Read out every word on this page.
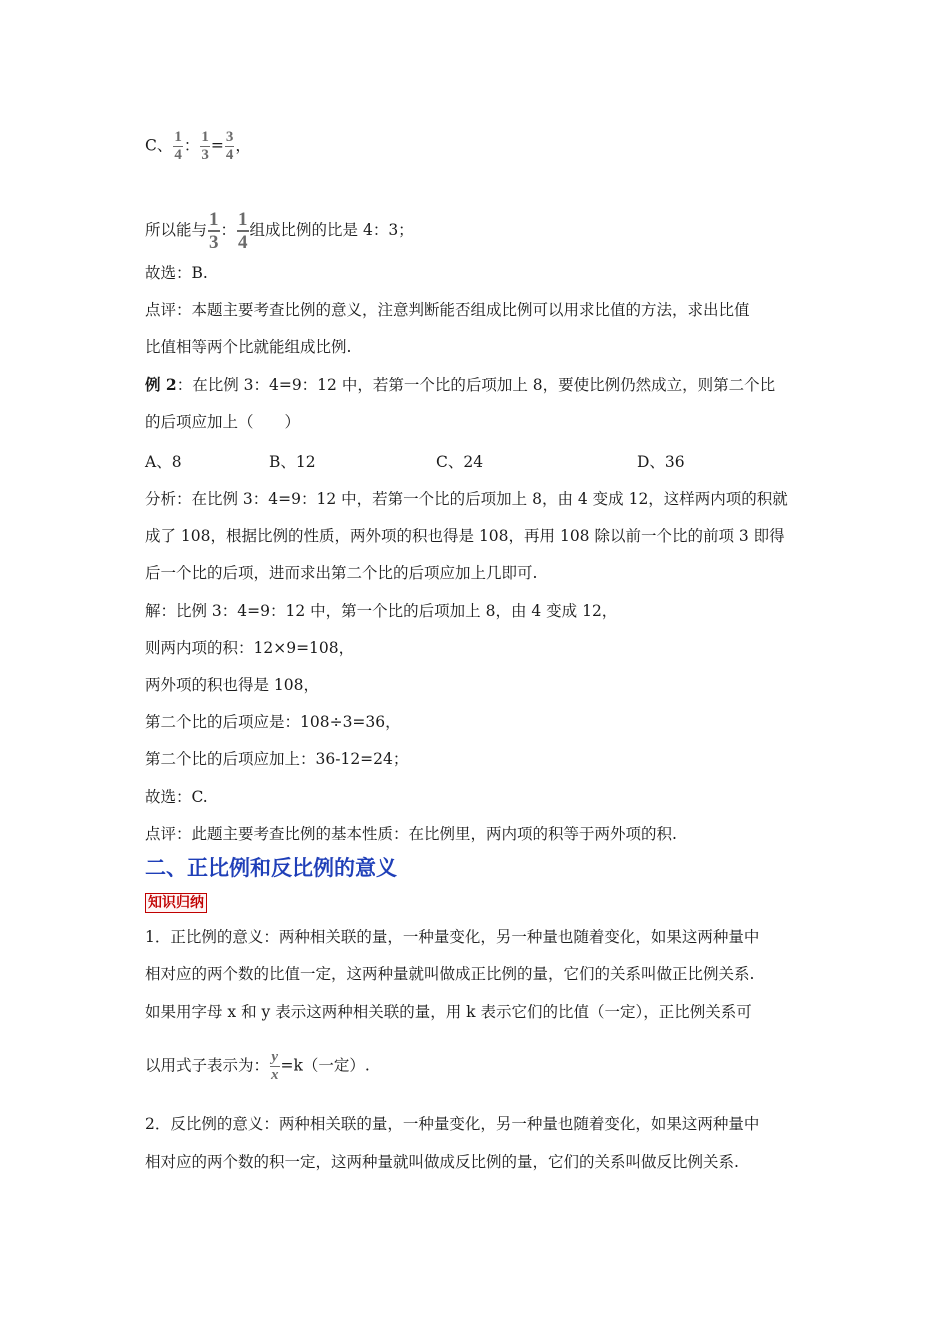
C、 $\frac{1}{4}$ ： $\frac{1}{3} = \frac{3}{4}$ ，
所以能与 $\frac{1}{3}$ ： $\frac{1}{4}$ 组成比例的比是 4：3；
故选：B.
点评：本题主要考查比例的意义，注意判断能否组成比例可以用求比值的方法，求出比值
比值相等两个比就能组成比例.
例 2：在比例 3：4=9：12 中，若第一个比的后项加上 8，要使比例仍然成立，则第二个比
的后项应加上（　　）
A、8	B、12	C、24	D、36
分析：在比例 3：4=9：12 中，若第一个比的后项加上 8，由 4 变成 12，这样两内项的积就
成了 108，根据比例的性质，两外项的积也得是 108，再用 108 除以前一个比的前项 3 即得
后一个比的后项，进而求出第二个比的后项应加上几即可.
解：比例 3：4=9：12 中，第一个比的后项加上 8，由 4 变成 12，
则两内项的积：12×9=108，
两外项的积也得是 108，
第二个比的后项应是：108÷3=36，
第二个比的后项应加上：36-12=24；
故选：C.
点评：此题主要考查比例的基本性质：在比例里，两内项的积等于两外项的积.
二、正比例和反比例的意义
知识归纳
1．正比例的意义：两种相关联的量，一种量变化，另一种量也随着变化，如果这两种量中
相对应的两个数的比值一定，这两种量就叫做成正比例的量，它们的关系叫做正比例关系.
如果用字母 x 和 y 表示这两种相关联的量，用 k 表示它们的比值（一定），正比例关系可
以用式子表示为： $\frac{y}{x} =k$（一定）.
2．反比例的意义：两种相关联的量，一种量变化，另一种量也随着变化，如果这两种量中
相对应的两个数的积一定，这两种量就叫做成反比例的量，它们的关系叫做反比例关系.
